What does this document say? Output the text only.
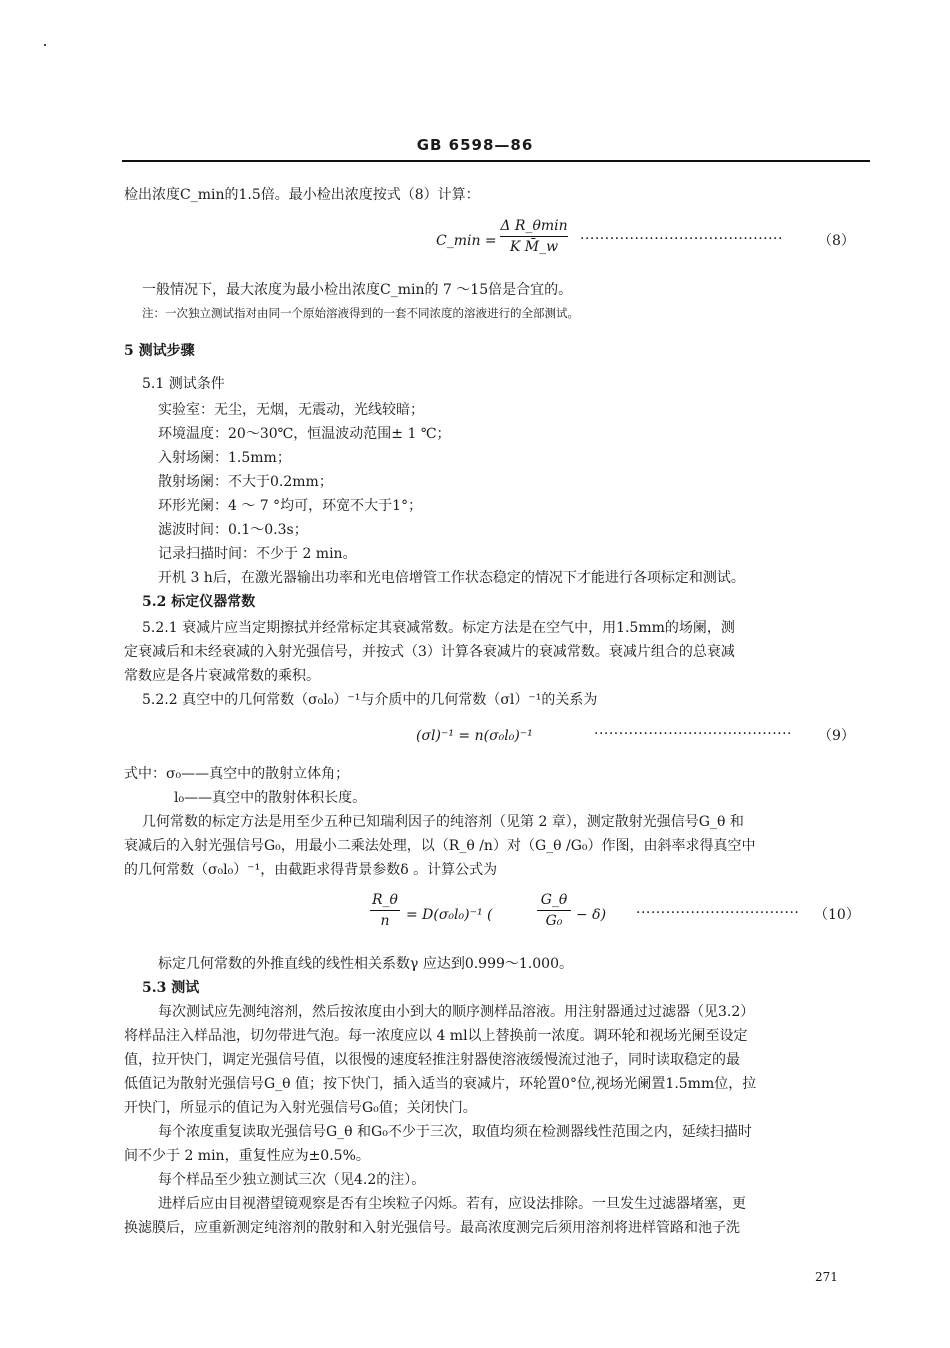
GB 6598—86
检出浓度C_min的1.5倍。最小检出浓度按式（8）计算：
C_min =
Δ R_θmin
K M̄_w	·········································	（8）
一般情况下，最大浓度为最小检出浓度C_min的 7 ～15倍是合宜的。
注：一次独立测试指对由同一个原始溶液得到的一套不同浓度的溶液进行的全部测试。
5 测试步骤
5.1 测试条件
实验室：无尘，无烟，无震动，光线较暗；
环境温度：20～30℃，恒温波动范围± 1 ℃；
入射场阑：1.5mm；
散射场阑：不大于0.2mm；
环形光阑：4 ～ 7 °均可，环宽不大于1°；
滤波时间：0.1～0.3s；
记录扫描时间：不少于 2 min。
开机 3 h后，在激光器输出功率和光电倍增管工作状态稳定的情况下才能进行各项标定和测试。
5.2 标定仪器常数
5.2.1 衰减片应当定期擦拭并经常标定其衰减常数。标定方法是在空气中，用1.5mm的场阑，测
定衰减后和未经衰减的入射光强信号，并按式（3）计算各衰减片的衰减常数。衰减片组合的总衰减
常数应是各片衰减常数的乘积。
5.2.2 真空中的几何常数（σ₀l₀）⁻¹与介质中的几何常数（σl）⁻¹的关系为
(σl)⁻¹ = n(σ₀l₀)⁻¹	········································ （9）
式中：σ₀——真空中的散射立体角；
l₀——真空中的散射体积长度。
几何常数的标定方法是用至少五种已知瑞利因子的纯溶剂（见第 2 章），测定散射光强信号G_θ 和
衰减后的入射光强信号G₀，用最小二乘法处理，以（R_θ /n）对（G_θ /G₀）作图，由斜率求得真空中
的几何常数（σ₀l₀）⁻¹，由截距求得背景参数δ 。计算公式为
R_θ
n	= D(σ₀l₀)⁻¹ (
G_θ
G₀ − δ) ································· （10）
标定几何常数的外推直线的线性相关系数γ 应达到0.999～1.000。
5.3 测试
每次测试应先测纯溶剂，然后按浓度由小到大的顺序测样品溶液。用注射器通过过滤器（见3.2）
将样品注入样品池，切勿带进气泡。每一浓度应以 4 ml以上替换前一浓度。调环轮和视场光阑至设定
值，拉开快门，调定光强信号值，以很慢的速度轻推注射器使溶液缓慢流过池子，同时读取稳定的最
低值记为散射光强信号G_θ 值；按下快门，插入适当的衰减片，环轮置0°位,视场光阑置1.5mm位，拉
开快门，所显示的值记为入射光强信号G₀值；关闭快门。
每个浓度重复读取光强信号G_θ 和G₀不少于三次，取值均须在检测器线性范围之内，延续扫描时
间不少于 2 min，重复性应为±0.5%。
每个样品至少独立测试三次（见4.2的注）。
进样后应由目视潜望镜观察是否有尘埃粒子闪烁。若有，应设法排除。一旦发生过滤器堵塞，更
换滤膜后，应重新测定纯溶剂的散射和入射光强信号。最高浓度测完后须用溶剂将进样管路和池子洗
271
